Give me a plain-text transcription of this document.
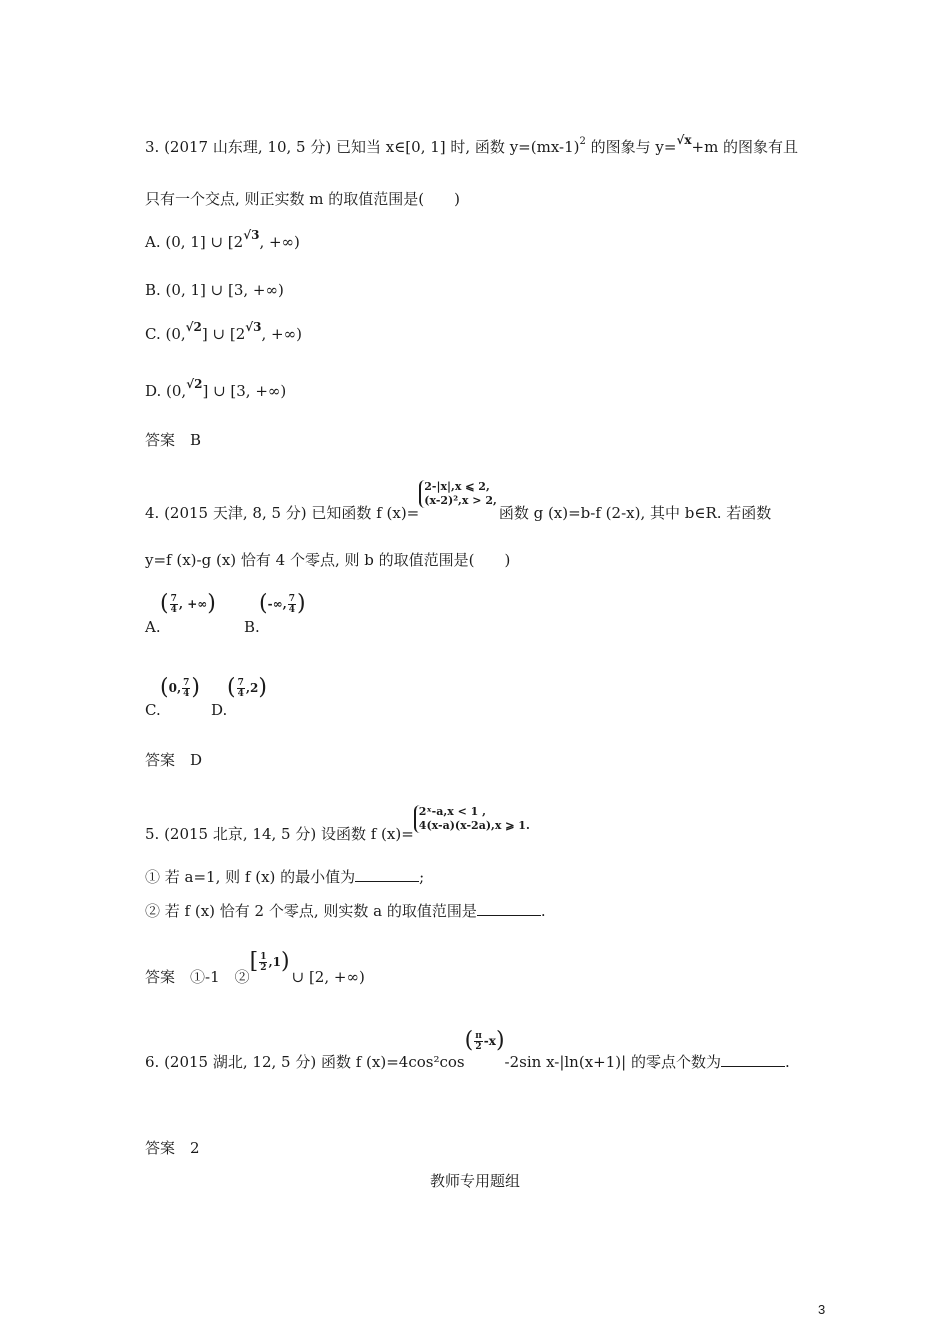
3. (2017 山东理, 10, 5 分) 已知当 x∈[0, 1] 时, 函数 $y=(mx-1)^2$ 的图象与 y=$^{√x}$+m 的图象有且
只有一个交点, 则正实数 m 的取值范围是(　　)
A. (0, 1] ∪ [$2^{√3}$, +∞)
B. (0, 1] ∪ [3, +∞)
C. (0,$^{√2}$] ∪ [$2^{√3}$, +∞)
D. (0,$^{√2}$] ∪ [3, +∞)
答案　B
4. (2015 天津, 8, 5 分) 已知函数 f (x)=2-|x|,x ⩽ 2,
(x-2)²,x > 2,函数 g (x)=b-f (2-x), 其中 b∈R. 若函数
y=f (x)-g (x) 恰有 4 个零点, 则 b 的取值范围是(　　)
A.
( $\frac{7}{4}$ , +∞ )
B.
( -∞, $\frac{7}{4}$ )
C.
( 0, $\frac{7}{4}$ )
D.
( $\frac{7}{4} ,2$ )
答案　D
5. (2015 北京, 14, 5 分) 设函数 f (x)=2ˣ-a,x < 1 ,
4(x-a)(x-2a),x ⩾ 1.
① 若 a=1, 则 f (x) 的最小值为	;
② 若 f (x) 恰有 2 个零点, 则实数 a 的取值范围是	.
答案　①-1　②
[ $\frac{1}{2} ,1$ )
∪ [2, +∞)
6. (2015 湖北, 12, 5 分) 函数 f (x)=4cos²cos
( $\frac{\pi}{2} -x$ )
-2sin x-|ln(x+1)| 的零点个数为	.
答案　2
教师专用题组
3
